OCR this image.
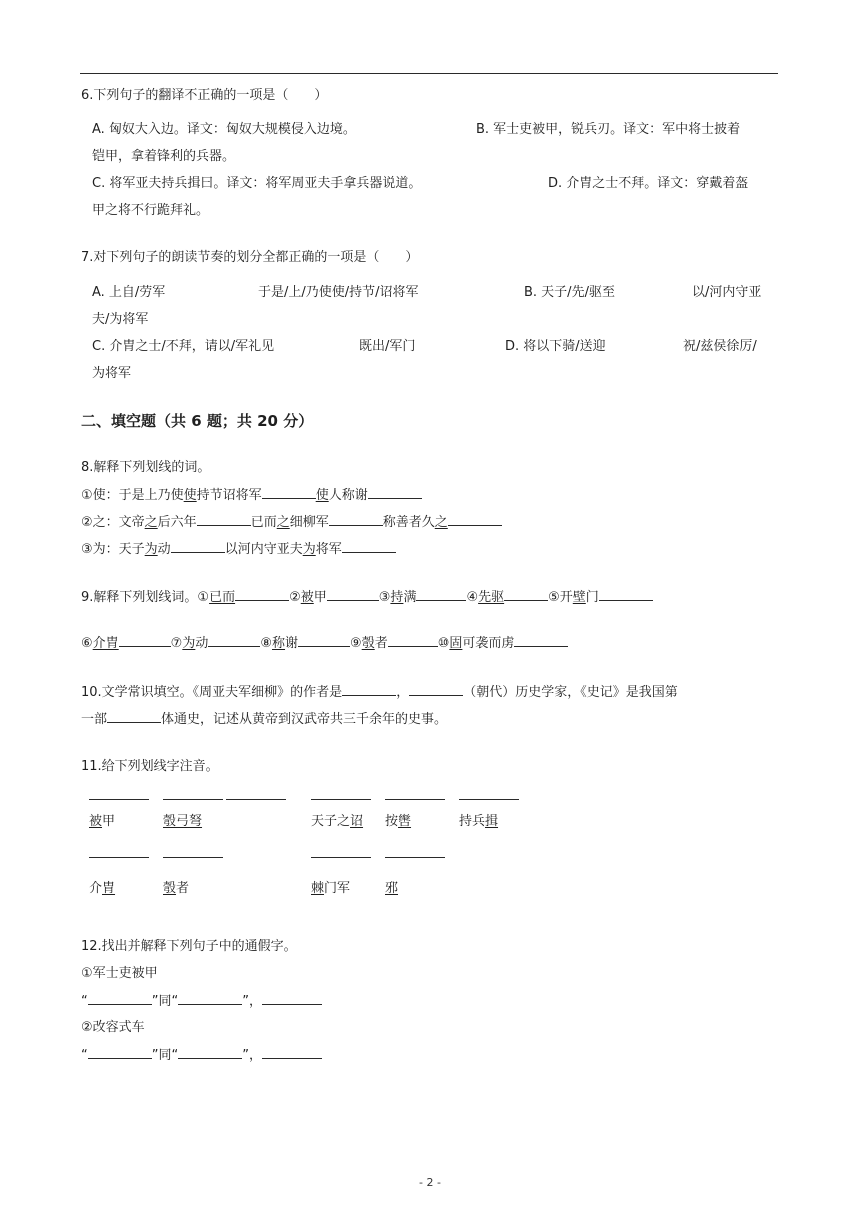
6.下列句子的翻译不正确的一项是（　　）
A. 匈奴大入边。译文：匈奴大规模侵入边境。	B. 军士吏被甲，锐兵刃。译文：军中将士披着
铠甲，拿着锋利的兵器。
C. 将军亚夫持兵揖曰。译文：将军周亚夫手拿兵器说道。	D. 介胄之士不拜。译文：穿戴着盔
甲之将不行跪拜礼。
7.对下列句子的朗读节奏的划分全都正确的一项是（　　）
A. 上自/劳军	于是/上/乃使使/持节/诏将军	B. 天子/先/驱至	以/河内守亚
夫/为将军
C. 介胄之士/不拜，请以/军礼见	既出/军门	D. 将以下骑/送迎	祝/兹侯徐厉/
为将军
二、填空题（共 6 题；共 20 分）
8.解释下列划线的词。
①使：于是上乃使使持节诏将军	使人称谢
②之：文帝之后六年	已而之细柳军	称善者久之
③为：天子为动	以河内守亚夫为将军
9.解释下列划线词。①已而	②被甲	③持满	④先驱	⑤开壁门
⑥介胄	⑦为动	⑧称谢	⑨彀者	⑩固可袭而虏
10.文学常识填空。《周亚夫军细柳》的作者是	，	（朝代）历史学家，《史记》是我国第
一部	体通史，记述从黄帝到汉武帝共三千余年的史事。
11.给下列划线字注音。
被甲	彀弓弩	天子之诏 按辔	持兵揖
介胄	彀者	棘门军	邪
12.找出并解释下列句子中的通假字。
①军士吏被甲
“	”同“	”，
②改容式车
“	”同“	”，
- 2 -
